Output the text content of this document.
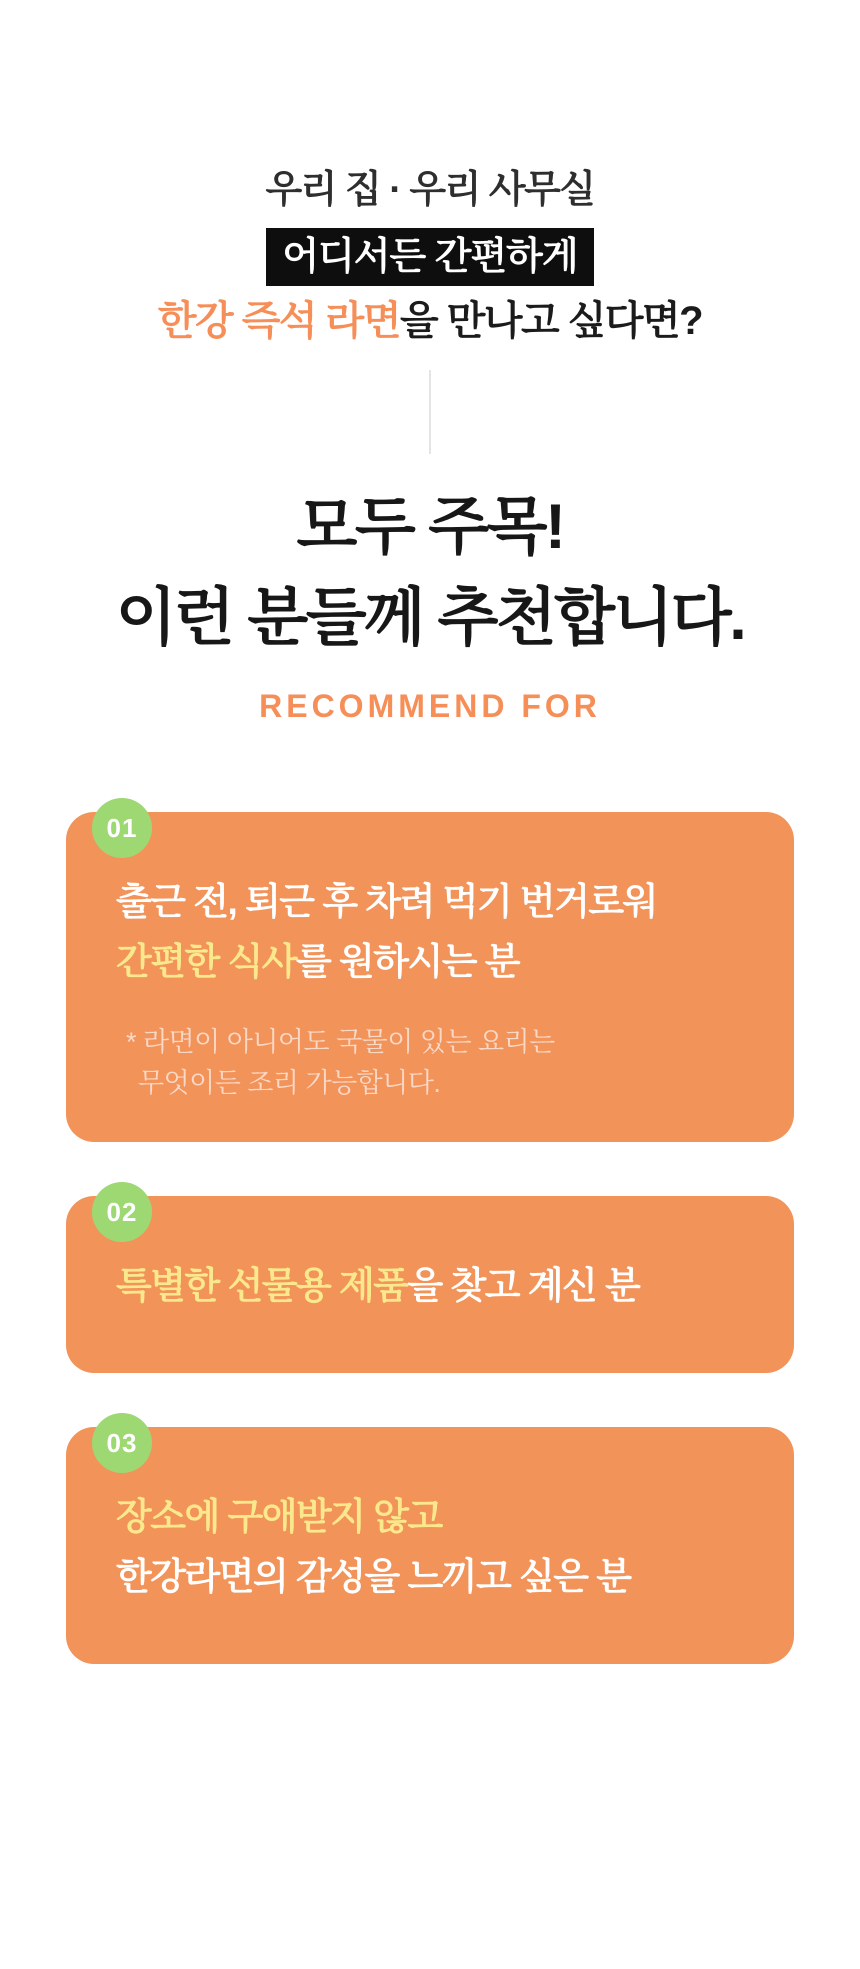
우리 집 · 우리 사무실
어디서든 간편하게
한강 즉석 라면을 만나고 싶다면?
모두 주목!
이런 분들께 추천합니다.
RECOMMEND FOR
01
출근 전, 퇴근 후 차려 먹기 번거로워
간편한 식사를 원하시는 분
* 라면이 아니어도 국물이 있는 요리는
무엇이든 조리 가능합니다.
02
특별한 선물용 제품을 찾고 계신 분
03
장소에 구애받지 않고
한강라면의 감성을 느끼고 싶은 분
